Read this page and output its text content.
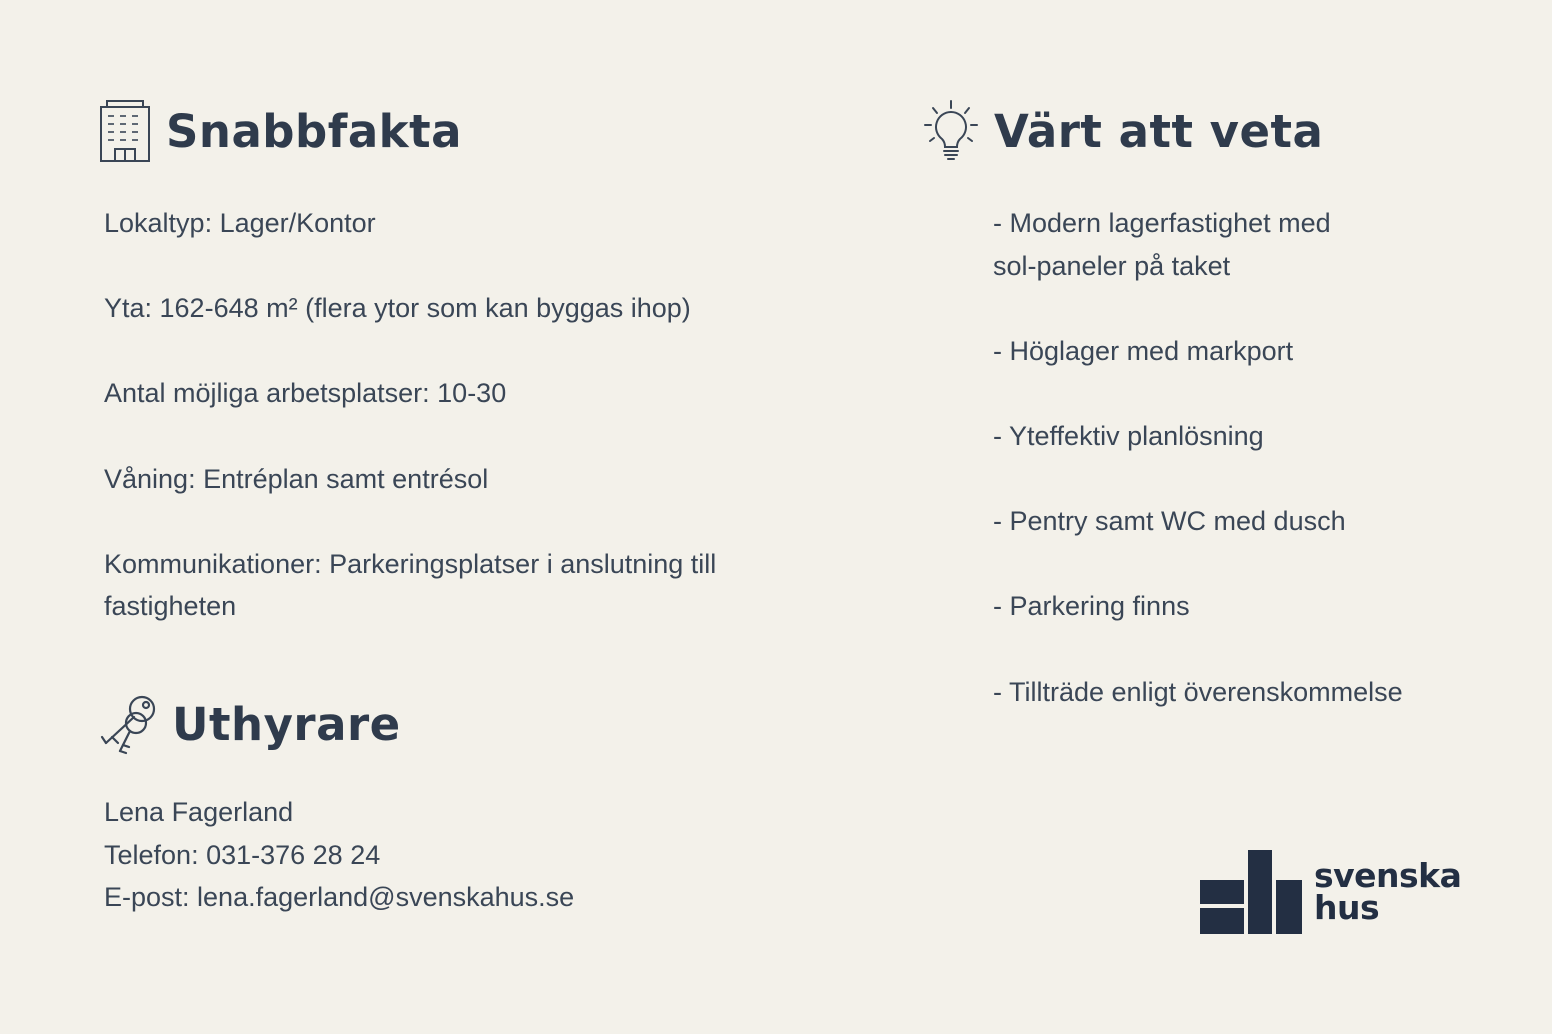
Snabbfakta
Lokaltyp: Lager/Kontor
Yta: 162-648 m² (flera ytor som kan byggas ihop)
Antal möjliga arbetsplatser: 10-30
Våning: Entréplan samt entrésol
Kommunikationer: Parkeringsplatser i anslutning till
fastigheten
Uthyrare
Lena Fagerland
Telefon: 031-376 28 24
E-post: lena.fagerland@svenskahus.se
Värt att veta
- Modern lagerfastighet med
sol-paneler på taket
- Höglager med markport
- Yteffektiv planlösning
- Pentry samt WC med dusch
- Parkering finns
- Tillträde enligt överenskommelse
svenska
hus
